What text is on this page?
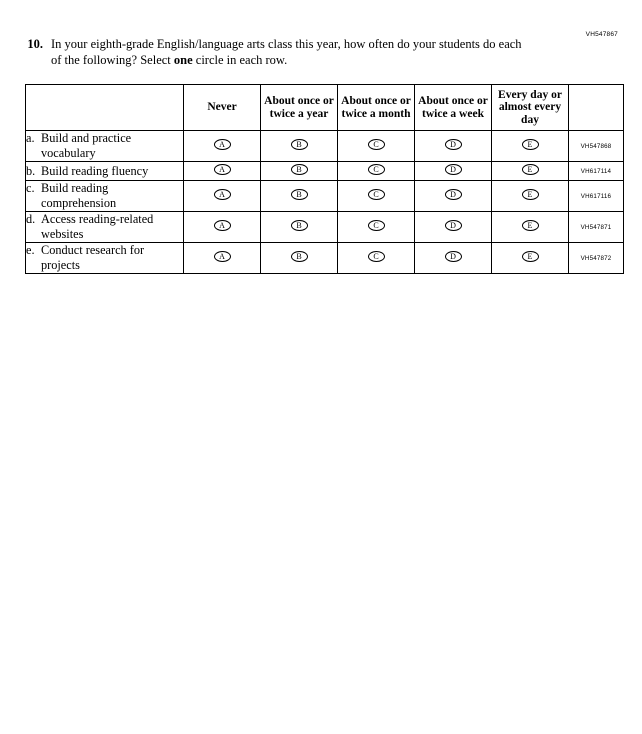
VH547867
10. In your eighth-grade English/language arts class this year, how often do your students do each of the following? Select one circle in each row.
	Never	About once or twice a year	About once or twice a month	About once or twice a week	Every day or almost every day	

a. Build and practice vocabulary	A	B	C	D	E	VH547868

b. Build reading fluency	A	B	C	D	E	VH617114

c. Build reading comprehension	A	B	C	D	E	VH617116

d. Access reading-related websites	A	B	C	D	E	VH547871

e. Conduct research for projects	A	B	C	D	E	VH547872
